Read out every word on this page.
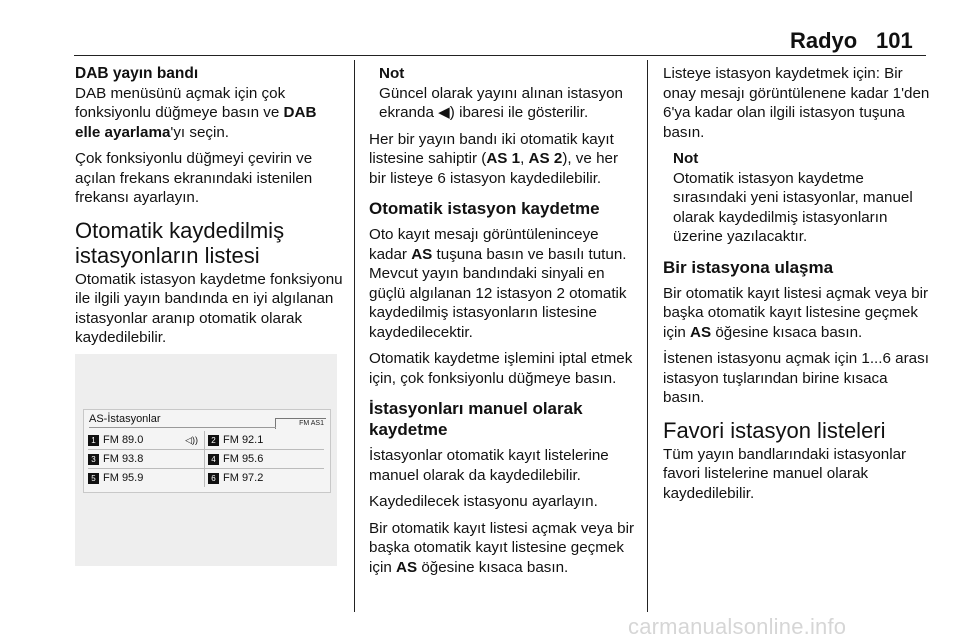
Radyo 101
DAB yayın bandı

DAB menüsünü açmak için çok fonksiyonlu düğmeye basın ve DAB elle ayarlama'yı seçin.

Çok fonksiyonlu düğmeyi çevirin ve açılan frekans ekranındaki istenilen frekansı ayarlayın.

Otomatik kaydedilmiş istasyonların listesi

Otomatik istasyon kaydetme fonksiyonu ile ilgili yayın bandında en iyi algılanan istasyonlar aranıp otomatik olarak kaydedilebilir.

AS-İstasyonlar	FM AS1
1 FM 89.0	◁))	2 FM 92.1
3 FM 93.8	4 FM 95.6
5 FM 95.9	6 FM 97.2
Not
Güncel olarak yayını alınan istasyon ekranda ◀) ibaresi ile gösterilir.

Her bir yayın bandı iki otomatik kayıt listesine sahiptir (AS 1, AS 2), ve her bir listeye 6 istasyon kaydedilebilir.

Otomatik istasyon kaydetme

Oto kayıt mesajı görüntüleninceye kadar AS tuşuna basın ve basılı tutun. Mevcut yayın bandındaki sinyali en güçlü algılanan 12 istasyon 2 otomatik kaydedilmiş istasyonların listesine kaydedilecektir.

Otomatik kaydetme işlemini iptal etmek için, çok fonksiyonlu düğmeye basın.

İstasyonları manuel olarak kaydetme

İstasyonlar otomatik kayıt listelerine manuel olarak da kaydedilebilir.

Kaydedilecek istasyonu ayarlayın.

Bir otomatik kayıt listesi açmak veya bir başka otomatik kayıt listesine geçmek için AS öğesine kısaca basın.

Listeye istasyon kaydetmek için: Bir onay mesajı görüntülenene kadar 1'den 6'ya kadar olan ilgili istasyon tuşuna basın.

Not
Otomatik istasyon kaydetme sırasındaki yeni istasyonlar, manuel olarak kaydedilmiş istasyonların üzerine yazılacaktır.
Bir istasyona ulaşma

Bir otomatik kayıt listesi açmak veya bir başka otomatik kayıt listesine geçmek için AS öğesine kısaca basın.

İstenen istasyonu açmak için 1...6 arası istasyon tuşlarından birine kısaca basın.

Favori istasyon listeleri

Tüm yayın bandlarındaki istasyonlar favori listelerine manuel olarak kaydedilebilir.

carmanualsonline.info
